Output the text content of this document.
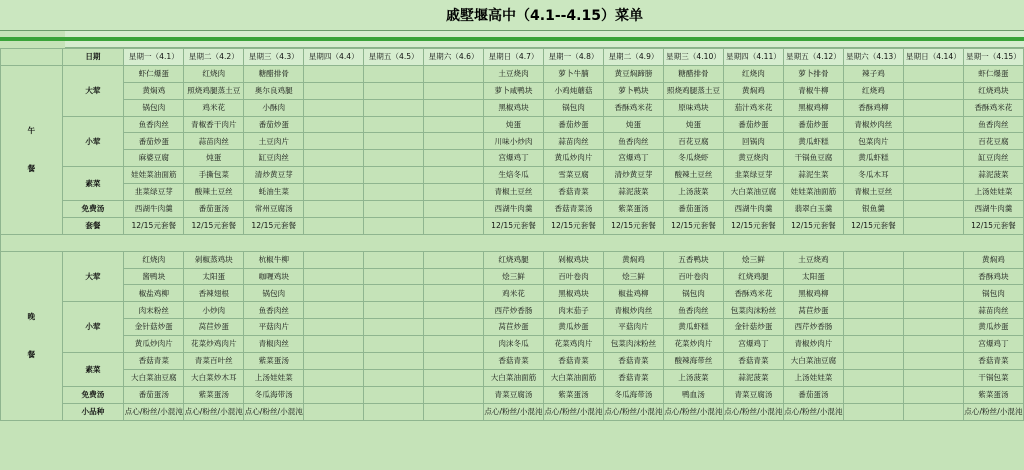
戚墅堰高中（4.1--4.15）菜单
	日期	星期一（4.1）	星期二（4.2）	星期三（4.3）	星期四（4.4）	星期五（4.5）	星期六（4.6）	星期日（4.7）	星期一（4.8）	星期二（4.9）	星期三（4.10）	星期四（4.11）	星期五（4.12）	星期六（4.13）	星期日（4.14）	星期一（4.15）

午
餐	大荤	虾仁爆蛋	红烧肉	糖醋排骨				土豆烧肉	萝卜牛腩	黄豆焖蹄膀	糖醋排骨	红烧肉	萝卜排骨	辣子鸡		虾仁爆蛋
		黄焖鸡	照烧鸡腿蒸土豆	奥尔良鸡腿				萝卜咸鸭块	小鸡炖蘑菇	萝卜鸭块	照烧鸡腿蒸土豆	黄焖鸡	青椒牛柳	红烧鸡		红烧鸡块
		锅包肉	鸡米花	小酥肉				黑椒鸡块	锅包肉	香酥鸡米花	原味鸡块	茄汁鸡米花	黑椒鸡柳	香酥鸡柳		香酥鸡米花
	小荤	鱼香肉丝	青椒香干肉片	番茄炒蛋				炖蛋	番茄炒蛋	炖蛋	炖蛋	番茄炒蛋	番茄炒蛋	青椒炒肉丝		鱼香肉丝
		番茄炒蛋	蒜苗肉丝	土豆肉片				川味小炒肉	蒜苗肉丝	鱼香肉丝	百花豆腐	回锅肉	黄瓜虾糕	包菜肉片		百花豆腐
		麻婆豆腐	炖蛋	缸豆肉丝				宫爆鸡丁	黄瓜炒肉片	宫爆鸡丁	冬瓜烧虾	黄豆烧肉	干锅鱼豆腐	黄瓜虾糕		缸豆肉丝
	素菜	娃娃菜油面筋	手撕包菜	清炒黄豆芽				生焙冬瓜	雪菜豆腐	清炒黄豆芽	酸辣土豆丝	韭菜绿豆芽	蒜泥生菜	冬瓜木耳		蒜泥菠菜
		韭菜绿豆芽	酸辣土豆丝	蚝油生菜				青椒土豆丝	香菇青菜	蒜泥菠菜	上汤菠菜	大白菜油豆腐	娃娃菜油面筋	青椒土豆丝		上汤娃娃菜
	免费汤	西湖牛肉羹	番茄蛋汤	常州豆腐汤				西湖牛肉羹	香菇青菜汤	紫菜蛋汤	番茄蛋汤	西湖牛肉羹	翡翠白玉羹	银鱼羹		西湖牛肉羹
	套餐	12/15元套餐	12/15元套餐	12/15元套餐				12/15元套餐	12/15元套餐	12/15元套餐	12/15元套餐	12/15元套餐	12/15元套餐	12/15元套餐		12/15元套餐

晚
餐	大荤	红烧肉	剁椒蒸鸡块	杭椒牛柳				红烧鸡腿	剁椒鸡块	黄焖鸡	五香鸭块	烩三鲜	土豆烧鸡			黄焖鸡
		酱鸭块	太阳蛋	咖喱鸡块				烩三鲜	百叶卷肉	烩三鲜	百叶卷肉	红烧鸡腿	太阳蛋			香酥鸡块
		椒盐鸡柳	香辣翅根	锅包肉				鸡米花	黑椒鸡块	椒盐鸡柳	锅包肉	香酥鸡米花	黑椒鸡柳			锅包肉
	小荤	肉末粉丝	小炒肉	鱼香肉丝				西芹炒香肠	肉末茄子	青椒炒肉丝	鱼香肉丝	包菜肉沫粉丝	莴苣炒蛋			蒜苗肉丝
		金针菇炒蛋	莴苣炒蛋	平菇肉片				莴苣炒蛋	黄瓜炒蛋	平菇肉片	黄瓜虾糕	金针菇炒蛋	西芹炒香肠			黄瓜炒蛋
		黄瓜炒肉片	花菜炒鸡肉片	青椒肉丝				肉沫冬瓜	花菜鸡肉片	包菜肉沫粉丝	花菜炒肉片	宫爆鸡丁	青椒炒肉片			宫爆鸡丁
	素菜	香菇青菜	青菜百叶丝	紫菜蛋汤				香菇青菜	香菇青菜	香菇青菜	酸辣海带丝	香菇青菜	大白菜油豆腐			香菇青菜
		大白菜油豆腐	大白菜炒木耳	上汤娃娃菜				大白菜油面筋	大白菜油面筋	香菇青菜	上汤菠菜	蒜泥菠菜	上汤娃娃菜			干锅包菜
	免费汤	番茄蛋汤	紫菜蛋汤	冬瓜海带汤				青菜豆腐汤	紫菜蛋汤	冬瓜海带汤	鸭血汤	青菜豆腐汤	番茄蛋汤			紫菜蛋汤
	小品种	点心/粉丝/小混沌	点心/粉丝/小混沌	点心/粉丝/小混沌				点心/粉丝/小混沌	点心/粉丝/小混沌	点心/粉丝/小混沌	点心/粉丝/小混沌	点心/粉丝/小混沌	点心/粉丝/小混沌			点心/粉丝/小混沌
